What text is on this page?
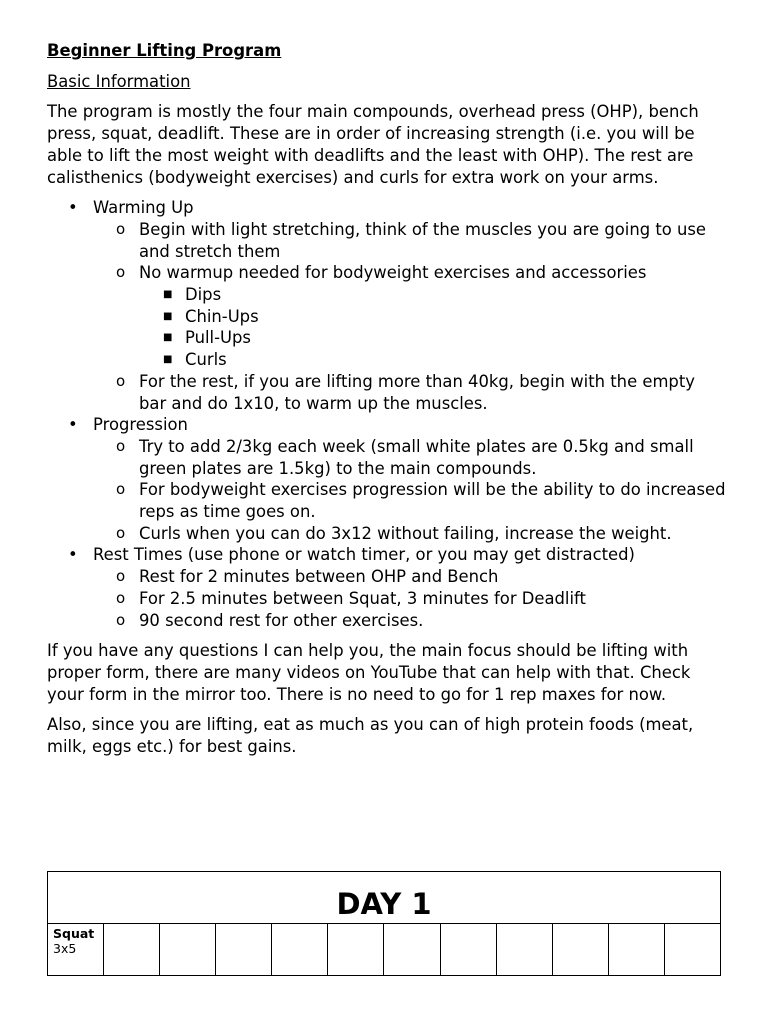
Beginner Lifting Program
Basic Information
The program is mostly the four main compounds, overhead press (OHP), bench press, squat, deadlift. These are in order of increasing strength (i.e. you will be able to lift the most weight with deadlifts and the least with OHP). The rest are calisthenics (bodyweight exercises) and curls for extra work on your arms.
• Warming Up
o Begin with light stretching, think of the muscles you are going to use and stretch them
o No warmup needed for bodyweight exercises and accessories
■ Dips
■ Chin-Ups
■ Pull-Ups
■ Curls
o For the rest, if you are lifting more than 40kg, begin with the empty bar and do 1x10, to warm up the muscles.
• Progression
o Try to add 2/3kg each week (small white plates are 0.5kg and small green plates are 1.5kg) to the main compounds.
o For bodyweight exercises progression will be the ability to do increased reps as time goes on.
o Curls when you can do 3x12 without failing, increase the weight.
• Rest Times (use phone or watch timer, or you may get distracted)
o Rest for 2 minutes between OHP and Bench
o For 2.5 minutes between Squat, 3 minutes for Deadlift
o 90 second rest for other exercises.
If you have any questions I can help you, the main focus should be lifting with proper form, there are many videos on YouTube that can help with that. Check your form in the mirror too. There is no need to go for 1 rep maxes for now.
Also, since you are lifting, eat as much as you can of high protein foods (meat, milk, eggs etc.) for best gains.
DAY 1

Squat
3x5
